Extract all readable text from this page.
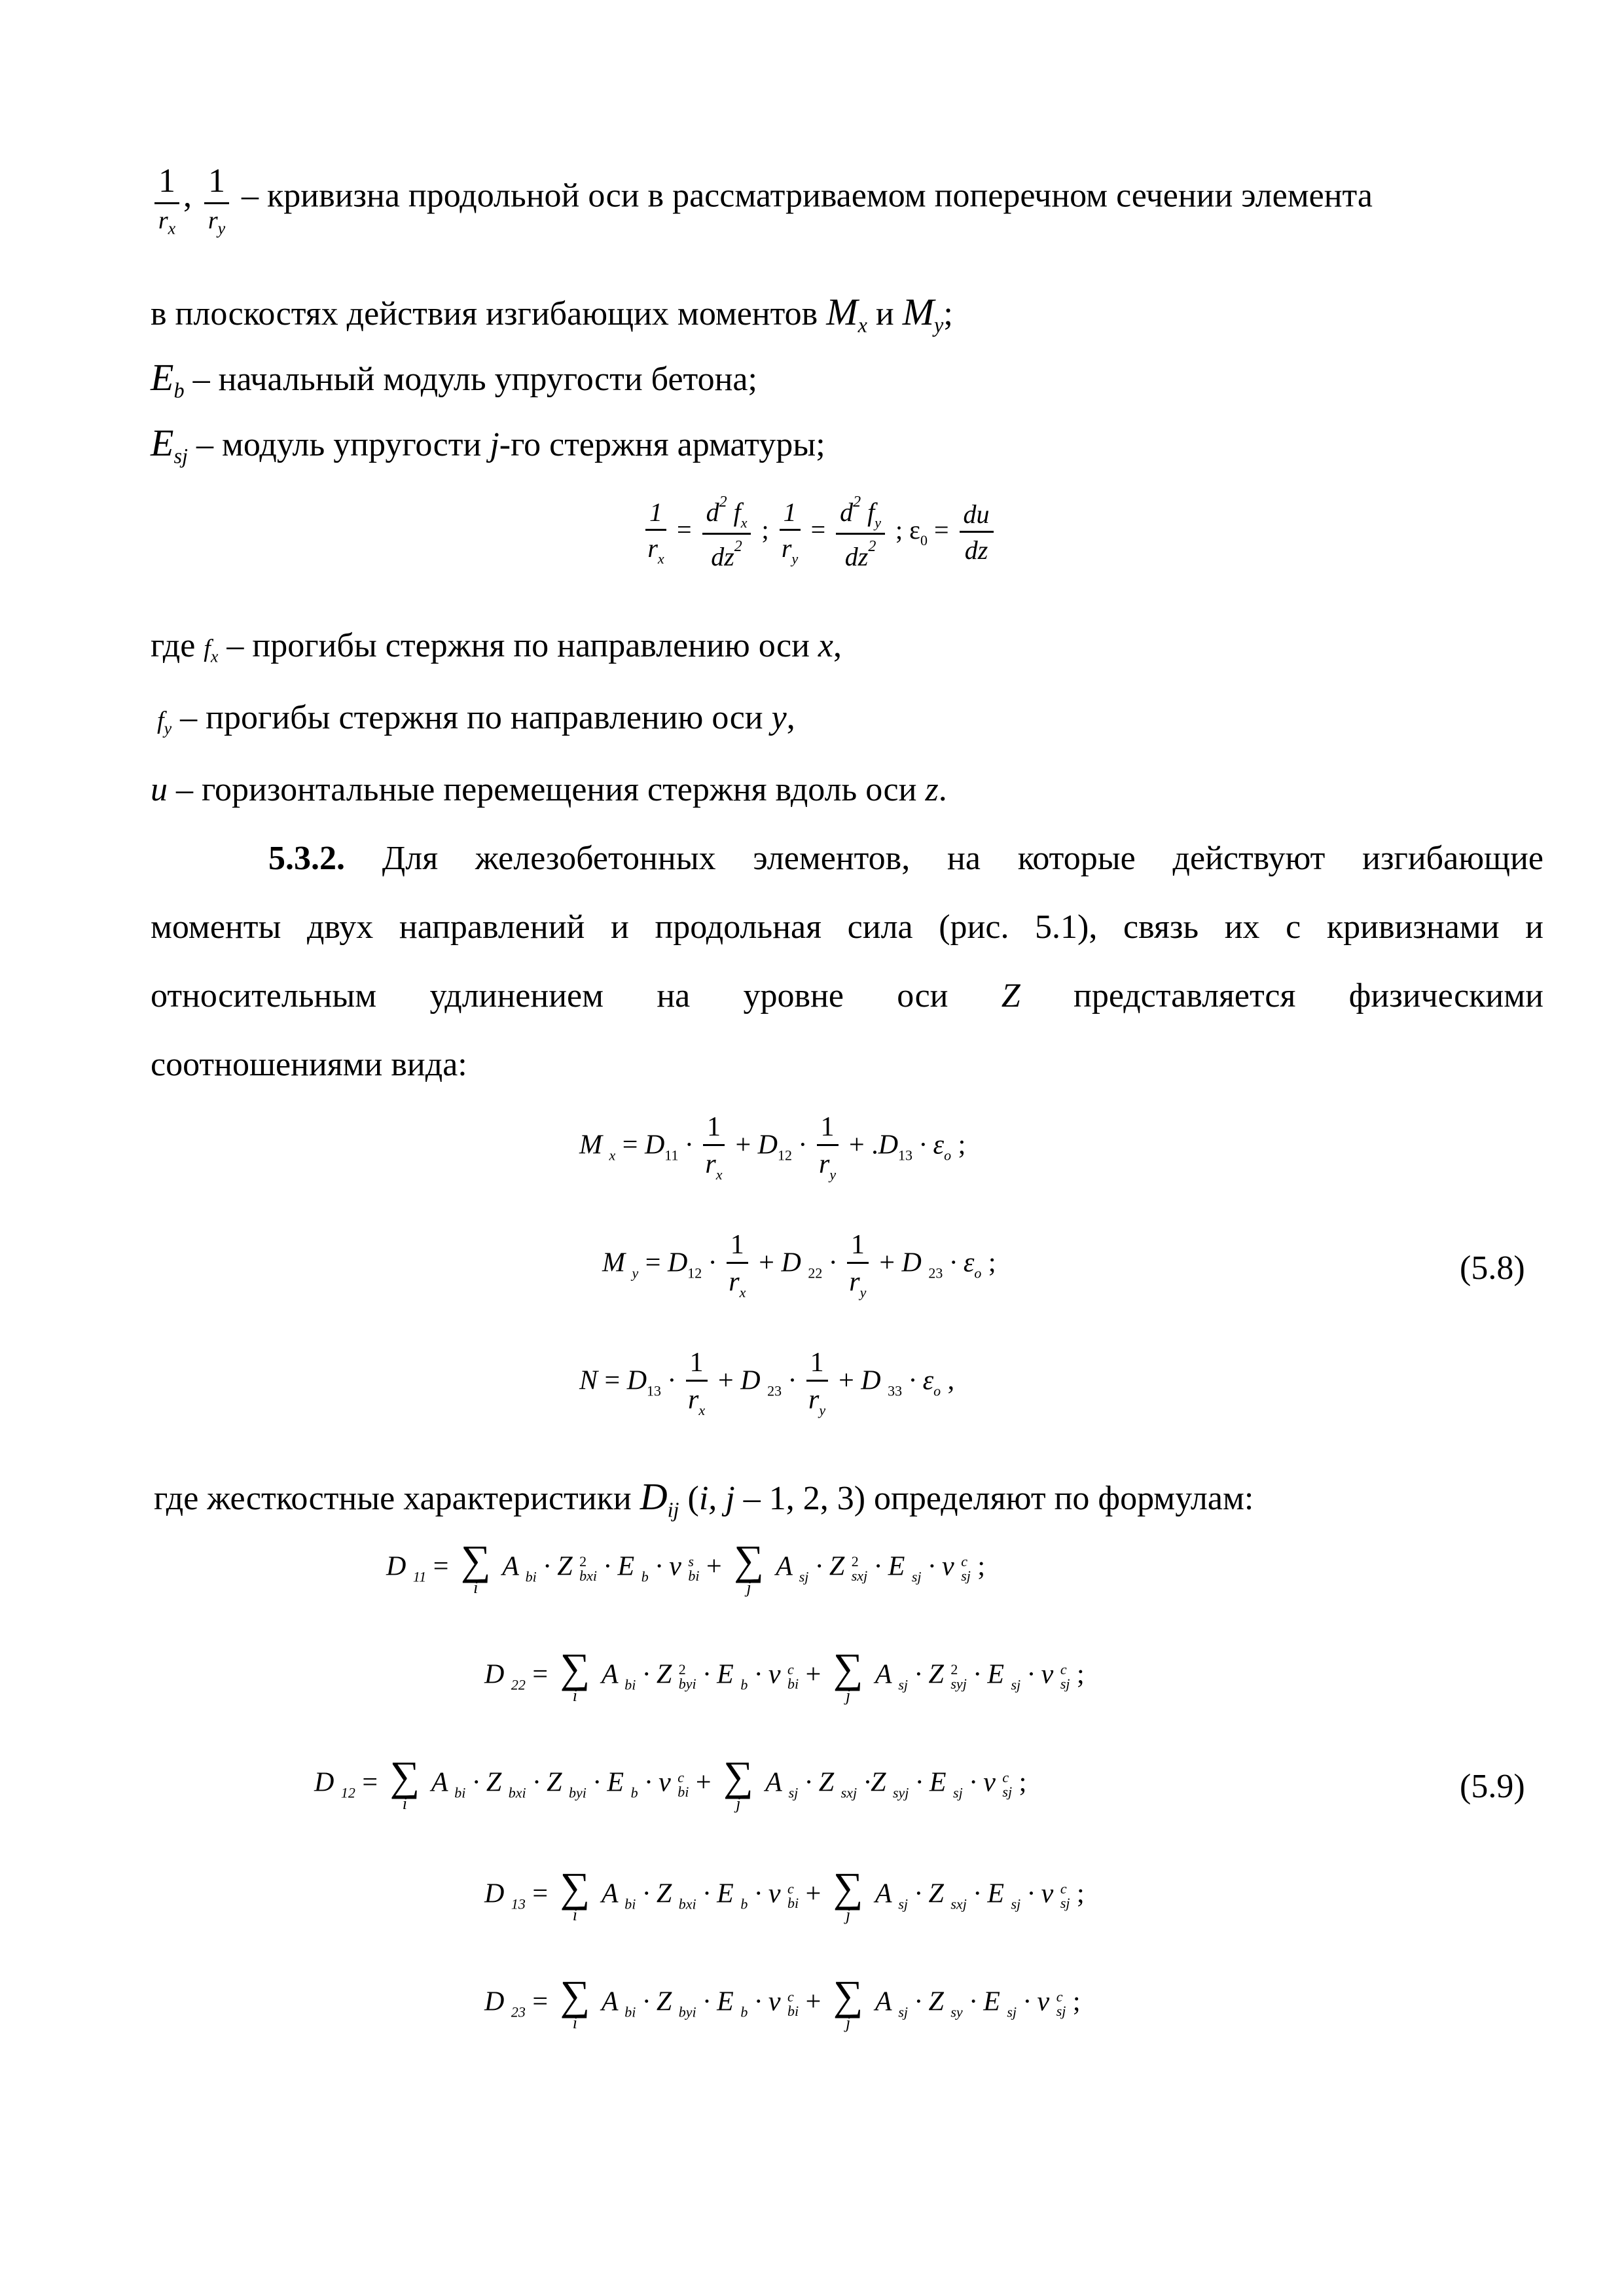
$\frac{1}{r_x}$ , $\frac{1}{r_y}$ – кривизна продольной оси в рассматриваемом поперечном сечении элемента
в плоскостях действия изгибающих моментов $M_x$ и $M_y$;
$E_b$ – начальный модуль упругости бетона;
$E_{sj}$ – модуль упругости j-го стержня арматуры;
$\frac{1}{r_x} = \frac{d^2 f_x}{dz^2}$ ; $\frac{1}{r_y} = \frac{d^2 f_y}{dz^2}$ ; $\varepsilon_0 = \frac{du}{dz}$
где $f_x$ – прогибы стержня по направлению оси x,
$f_y$ – прогибы стержня по направлению оси y,
u – горизонтальные перемещения стержня вдоль оси z.
5.3.2. Для железобетонных элементов, на которые действуют изгибающие
моменты двух направлений и продольная сила (рис. 5.1), связь их с кривизнами и
относительным удлинением на уровне оси Z представляется физическими
соотношениями вида:
M $_x = D_{11} \cdot \frac{1}{r_x} + D_{12} \cdot \frac{1}{r_y} + .D_{13} \cdot \varepsilon_o$ ;
M $_y = D_{12} \cdot \frac{1}{r_x} + D$ $_{22} \cdot \frac{1}{r_y} + D$ $_{23} \cdot \varepsilon_o$ ;	(5.8)
$N = D_{13} \cdot \frac{1}{r_x} + D$ $_{23} \cdot \frac{1}{r_y} + D$ $_{33} \cdot \varepsilon_o$ ,
где жесткостные характеристики $D_{ij}$ (i, j – 1, 2, 3) определяют по формулам:
D $_{11}$ = ∑
i
A $_{bi}$ · Z 2
bxi · E $_b$ · ν s
bi + ∑
j
A $_{sj}$ · Z 2
sxj · E $_{sj}$ · ν c
sj ;
D $_{22}$ = ∑
i
A $_{bi}$ · Z 2
byi · E $_b$ · ν c
bi + ∑
j
A $_{sj}$ · Z 2
syj · E $_{sj}$ · ν c
sj ;
D $_{12}$ = ∑
i
A $_{bi}$ · Z $_{bxi}$ · Z $_{byi}$ · E $_b$ · ν c
bi + ∑
j
A $_{sj}$ · Z $_{sxj}$ ·Z $_{syj}$ · E $_{sj}$ · ν c
sj ;	(5.9)
D $_{13}$ = ∑
i
A $_{bi}$ · Z $_{bxi}$ · E $_b$ · ν c
bi + ∑
j
A $_{sj}$ · Z $_{sxj}$ · E $_{sj}$ · ν c
sj ;
D $_{23}$ = ∑
i
A $_{bi}$ · Z $_{byi}$ · E $_b$ · ν c
bi + ∑
j
A $_{sj}$ · Z $_{sy}$ · E $_{sj}$ · ν c
sj ;
